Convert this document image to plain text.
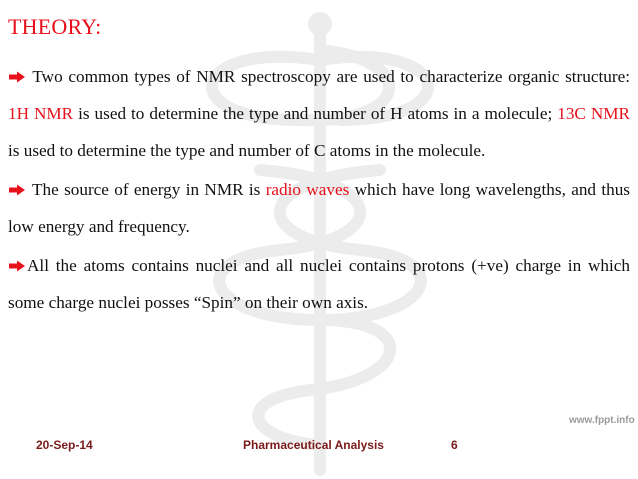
THEORY:

Two common types of NMR spectroscopy are used to characterize organic structure: 1H NMR is used to determine the type and number of H atoms in a molecule; 13C NMR is used to determine the type and number of C atoms in the molecule.

The source of energy in NMR is radio waves which have long wavelengths, and thus low energy and frequency.

All the atoms contains nuclei and all nuclei contains protons (+ve) charge in which some charge nuclei posses “Spin” on their own axis.

www.fppt.info
20-Sep-14	Pharmaceutical Analysis	6
